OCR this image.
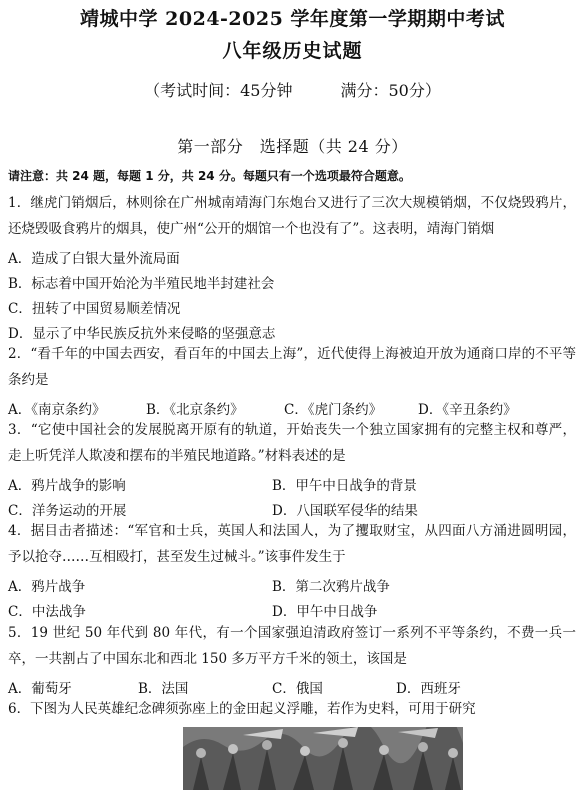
靖城中学 2024-2025 学年度第一学期期中考试
八年级历史试题
（考试时间：45分钟	满分：50分）
第一部分　选择题（共 24 分）
请注意：共 24 题，每题 1 分，共 24 分。每题只有一个选项最符合题意。
1．继虎门销烟后，林则徐在广州城南靖海门东炮台又进行了三次大规模销烟，不仅烧毁鸦片，还烧毁吸食鸦片的烟具，使广州“公开的烟馆一个也没有了”。这表明，靖海门销烟
A．造成了白银大量外流局面
B．标志着中国开始沦为半殖民地半封建社会
C．扭转了中国贸易顺差情况
D．显示了中华民族反抗外来侵略的坚强意志
2．“看千年的中国去西安，看百年的中国去上海”，近代使得上海被迫开放为通商口岸的不平等条约是
A．《南京条约》	B．《北京条约》	C．《虎门条约》	D．《辛丑条约》
3．“它使中国社会的发展脱离开原有的轨道，开始丧失一个独立国家拥有的完整主权和尊严，走上听凭洋人欺凌和摆布的半殖民地道路。”材料表述的是
A．鸦片战争的影响	B．甲午中日战争的背景
C．洋务运动的开展	D．八国联军侵华的结果
4．据目击者描述：“军官和士兵，英国人和法国人，为了攫取财宝，从四面八方涌进圆明园，予以抢夺……互相殴打，甚至发生过械斗。”该事件发生于
A．鸦片战争	B．第二次鸦片战争
C．中法战争	D．甲午中日战争
5．19 世纪 50 年代到 80 年代，有一个国家强迫清政府签订一系列不平等条约，不费一兵一卒，一共割占了中国东北和西北 150 多万平方千米的领土，该国是
A．葡萄牙	B．法国	C．俄国	D．西班牙
6．下图为人民英雄纪念碑须弥座上的金田起义浮雕，若作为史料，可用于研究
